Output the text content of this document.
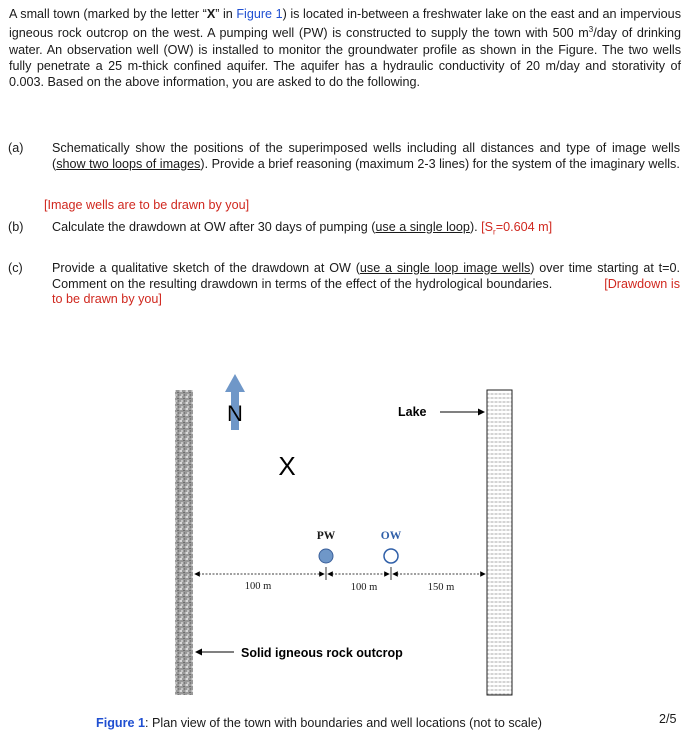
A small town (marked by the letter “X” in Figure 1) is located in-between a freshwater lake on the east and an impervious igneous rock outcrop on the west. A pumping well (PW) is constructed to supply the town with 500 $m^3$/day of drinking water. An observation well (OW) is installed to monitor the groundwater profile as shown in the Figure. The two wells fully penetrate a 25 m-thick confined aquifer. The aquifer has a hydraulic conductivity of 20 m/day and storativity of 0.003. Based on the above information, you are asked to do the following.
(a) Schematically show the positions of the superimposed wells including all distances and type of image wells (show two loops of images). Provide a brief reasoning (maximum 2-3 lines) for the system of the imaginary wells.
[Image wells are to be drawn by you]
(b) Calculate the drawdown at OW after 30 days of pumping (use a single loop). [$S_r=0.604$ m]
(c) Provide a qualitative sketch of the drawdown at OW (use a single loop image wells) over time starting at t=0. Comment on the resulting drawdown in terms of the effect of the hydrological boundaries.	[Drawdown is to be drawn by you]
N
X
Lake
PW	OW
100 m	100 m	150 m
Solid igneous rock outcrop
Figure 1: Plan view of the town with boundaries and well locations (not to scale)	2/5
